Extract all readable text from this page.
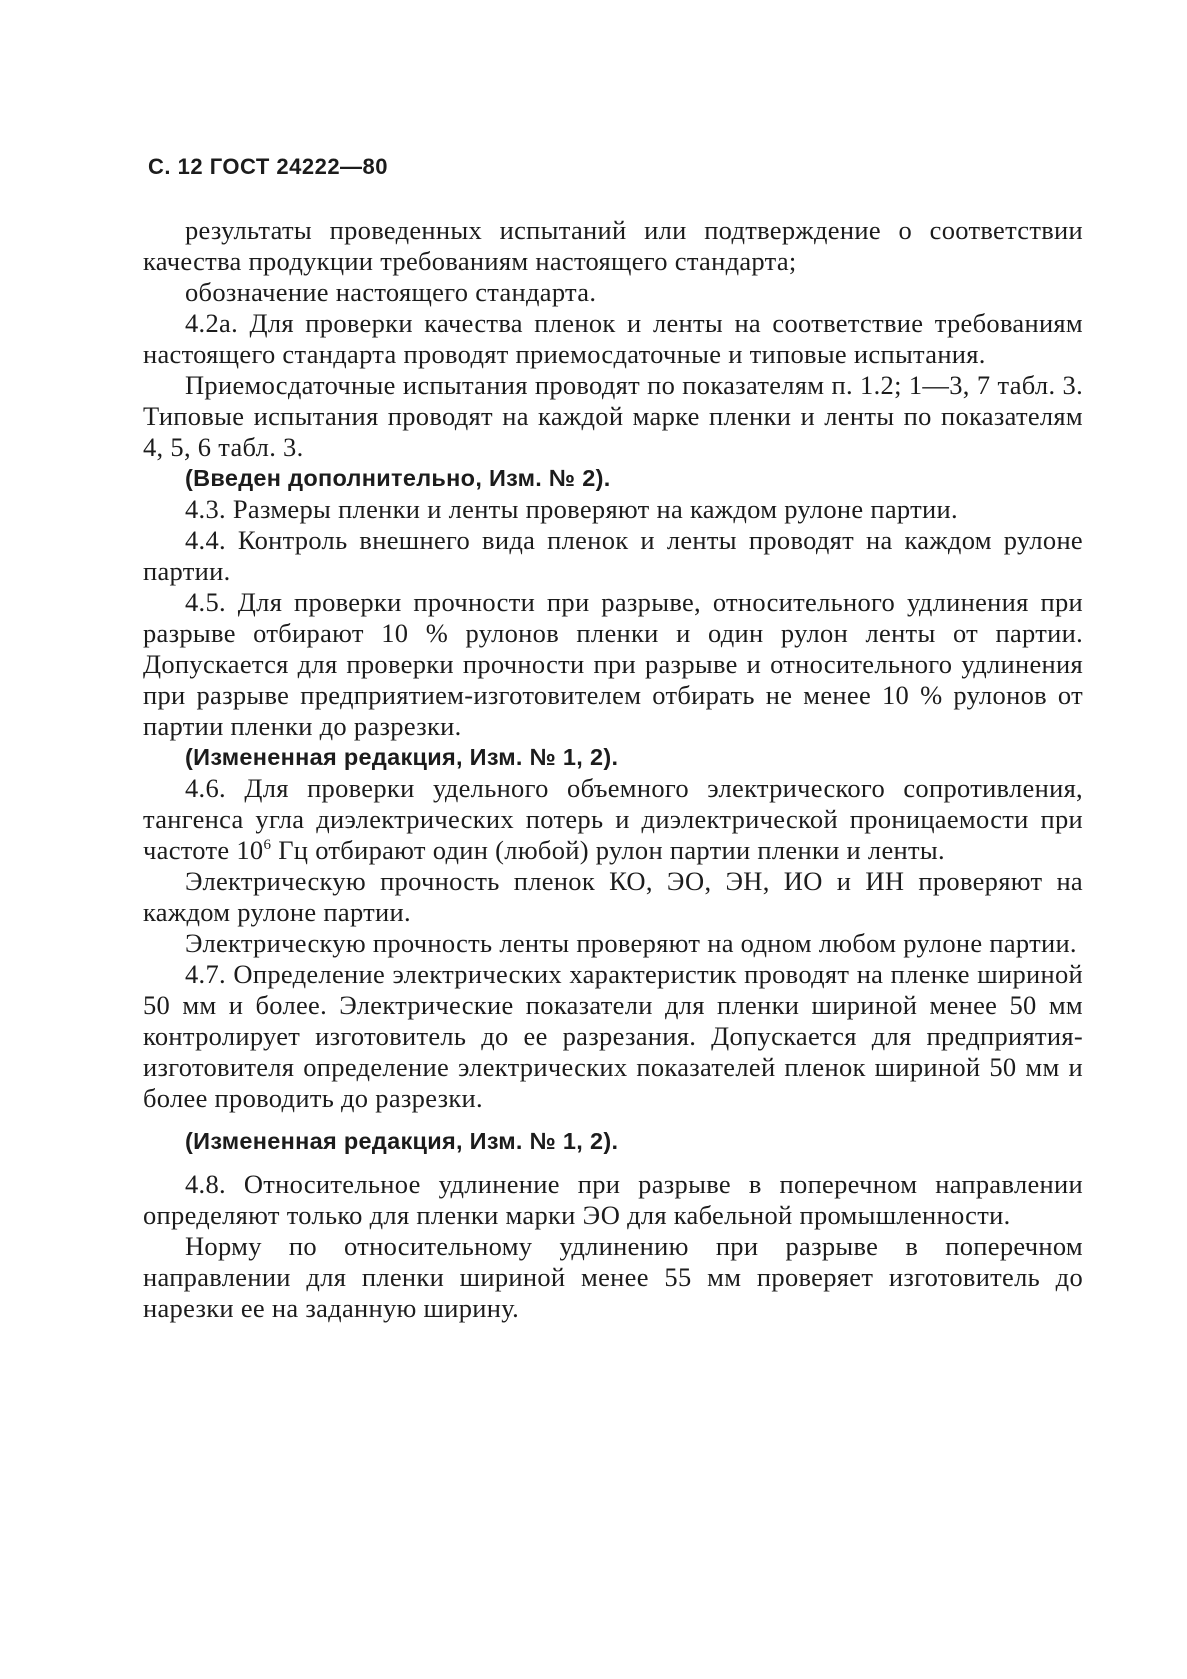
С. 12 ГОСТ 24222—80

результаты проведенных испытаний или подтверждение о соответствии качества продукции требованиям настоящего стандарта;

обозначение настоящего стандарта.

4.2а. Для проверки качества пленок и ленты на соответствие требованиям настоящего стандарта проводят приемосдаточные и типовые испытания.

Приемосдаточные испытания проводят по показателям п. 1.2; 1—3, 7 табл. 3. Типовые испытания проводят на каждой марке пленки и ленты по показателям 4, 5, 6 табл. 3.

(Введен дополнительно, Изм. № 2).

4.3. Размеры пленки и ленты проверяют на каждом рулоне партии.

4.4. Контроль внешнего вида пленок и ленты проводят на каждом рулоне партии.

4.5. Для проверки прочности при разрыве, относительного удлинения при разрыве отбирают 10 % рулонов пленки и один рулон ленты от партии. Допускается для проверки прочности при разрыве и относительного удлинения при разрыве предприятием-изготовителем отбирать не менее 10 % рулонов от партии пленки до разрезки.

(Измененная редакция, Изм. № 1, 2).

4.6. Для проверки удельного объемного электрического сопротивления, тангенса угла диэлектрических потерь и диэлектрической проницаемости при частоте $10^6$ Гц отбирают один (любой) рулон партии пленки и ленты.

Электрическую прочность пленок КО, ЭО, ЭН, ИО и ИН проверяют на каждом рулоне партии.

Электрическую прочность ленты проверяют на одном любом рулоне партии.

4.7. Определение электрических характеристик проводят на пленке шириной 50 мм и более. Электрические показатели для пленки шириной менее 50 мм контролирует изготовитель до ее разрезания. Допускается для предприятия-изготовителя определение электрических показателей пленок шириной 50 мм и более проводить до разрезки.

(Измененная редакция, Изм. № 1, 2).

4.8. Относительное удлинение при разрыве в поперечном направлении определяют только для пленки марки ЭО для кабельной промышленности.

Норму по относительному удлинению при разрыве в поперечном направлении для пленки шириной менее 55 мм проверяет изготовитель до нарезки ее на заданную ширину.
